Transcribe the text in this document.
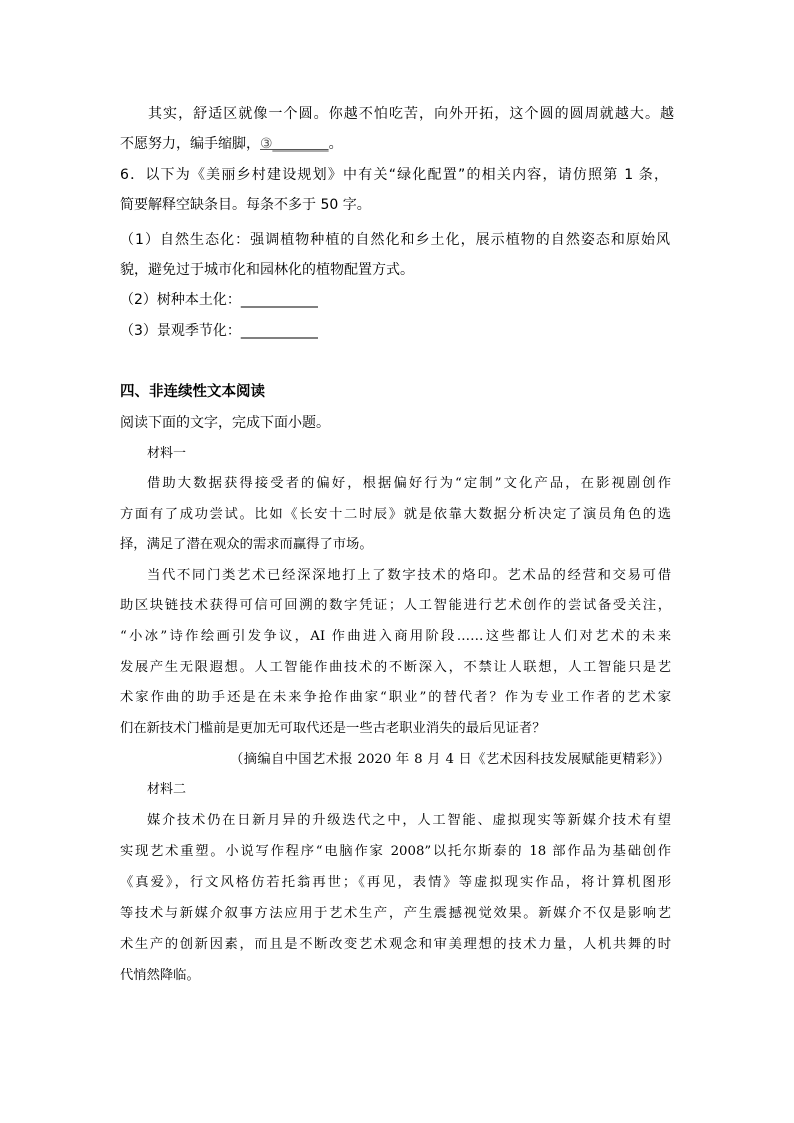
其实，舒适区就像一个圆。你越不怕吃苦，向外开拓，这个圆的圆周就越大。越
不愿努力，编手缩脚，③________。
6．以下为《美丽乡村建设规划》中有关“绿化配置”的相关内容，请仿照第 1 条，
简要解释空缺条目。每条不多于 50 字。
（1）自然生态化：强调植物种植的自然化和乡土化，展示植物的自然姿态和原始风
貌，避免过于城市化和园林化的植物配置方式。
（2）树种本土化：___________
（3）景观季节化：___________
四、非连续性文本阅读
阅读下面的文字，完成下面小题。
材料一
借助大数据获得接受者的偏好，根据偏好行为“定制”文化产品，在影视剧创作
方面有了成功尝试。比如《长安十二时辰》就是依靠大数据分析决定了演员角色的选
择，满足了潜在观众的需求而赢得了市场。
当代不同门类艺术已经深深地打上了数字技术的烙印。艺术品的经营和交易可借
助区块链技术获得可信可回溯的数字凭证；人工智能进行艺术创作的尝试备受关注，
“小冰”诗作绘画引发争议，AI 作曲进入商用阶段……这些都让人们对艺术的未来
发展产生无限遐想。人工智能作曲技术的不断深入，不禁让人联想，人工智能只是艺
术家作曲的助手还是在未来争抢作曲家“职业”的替代者？作为专业工作者的艺术家
们在新技术门槛前是更加无可取代还是一些古老职业消失的最后见证者？
（摘编自中国艺术报 2020 年 8 月 4 日《艺术因科技发展赋能更精彩》）
材料二
媒介技术仍在日新月异的升级迭代之中，人工智能、虚拟现实等新媒介技术有望
实现艺术重塑。小说写作程序“电脑作家 2008”以托尔斯泰的 18 部作品为基础创作
《真爱》，行文风格仿若托翁再世；《再见，表情》等虚拟现实作品，将计算机图形
等技术与新媒介叙事方法应用于艺术生产，产生震撼视觉效果。新媒介不仅是影响艺
术生产的创新因素，而且是不断改变艺术观念和审美理想的技术力量，人机共舞的时
代悄然降临。
